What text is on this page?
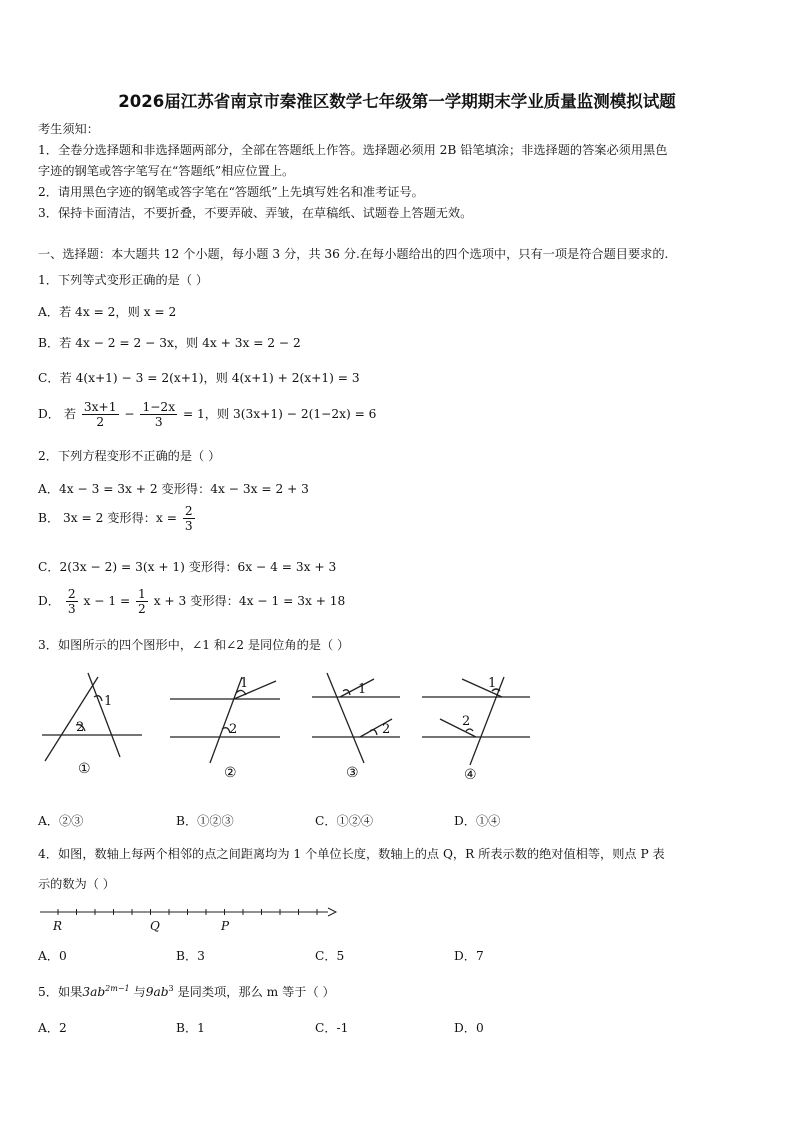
2026届江苏省南京市秦淮区数学七年级第一学期期末学业质量监测模拟试题
考生须知：
1．全卷分选择题和非选择题两部分，全部在答题纸上作答。选择题必须用 2B 铅笔填涂；非选择题的答案必须用黑色
字迹的钢笔或答字笔写在“答题纸”相应位置上。
2．请用黑色字迹的钢笔或答字笔在“答题纸”上先填写姓名和准考证号。
3．保持卡面清洁，不要折叠，不要弄破、弄皱，在草稿纸、试题卷上答题无效。
一、选择题：本大题共 12 个小题，每小题 3 分，共 36 分.在每小题给出的四个选项中，只有一项是符合题目要求的.
1．下列等式变形正确的是（ ）
A．若 4x = 2，则 x = 2
B．若 4x − 2 = 2 − 3x，则 4x + 3x = 2 − 2
C．若 4(x+1) − 3 = 2(x+1)，则 4(x+1) + 2(x+1) = 3
D． 若 $\frac{3x+1}{2} - \frac{1-2x}{3} = 1$，则 3(3x+1) − 2(1−2x) = 6
2．下列方程变形不正确的是（ ）
A．4x − 3 = 3x + 2 变形得：4x − 3x = 2 + 3
B． 3x = 2 变形得：$x = \frac{2}{3}$
C．2(3x − 2) = 3(x + 1) 变形得：6x − 4 = 3x + 3
D． $\frac{2}{3}$ $x - 1 = \frac{1}{2}$ x + 3 变形得：4x − 1 = 3x + 18
3．如图所示的四个图形中，∠1 和∠2 是同位角的是（ ）
1
2
1
2
1
2
1
2
①	②	③	④
A．②③	B．①②③	C．①②④	D．①④
4．如图，数轴上每两个相邻的点之间距离均为 1 个单位长度，数轴上的点 Q，R 所表示数的绝对值相等，则点 P 表
示的数为（ ）
R	Q	P
A．0	B．3	C．5	D．7
5．如果$3ab^{2m-1}$ 与$9ab^3$ 是同类项，那么 m 等于（ ）
A．2	B．1	C．-1	D．0
